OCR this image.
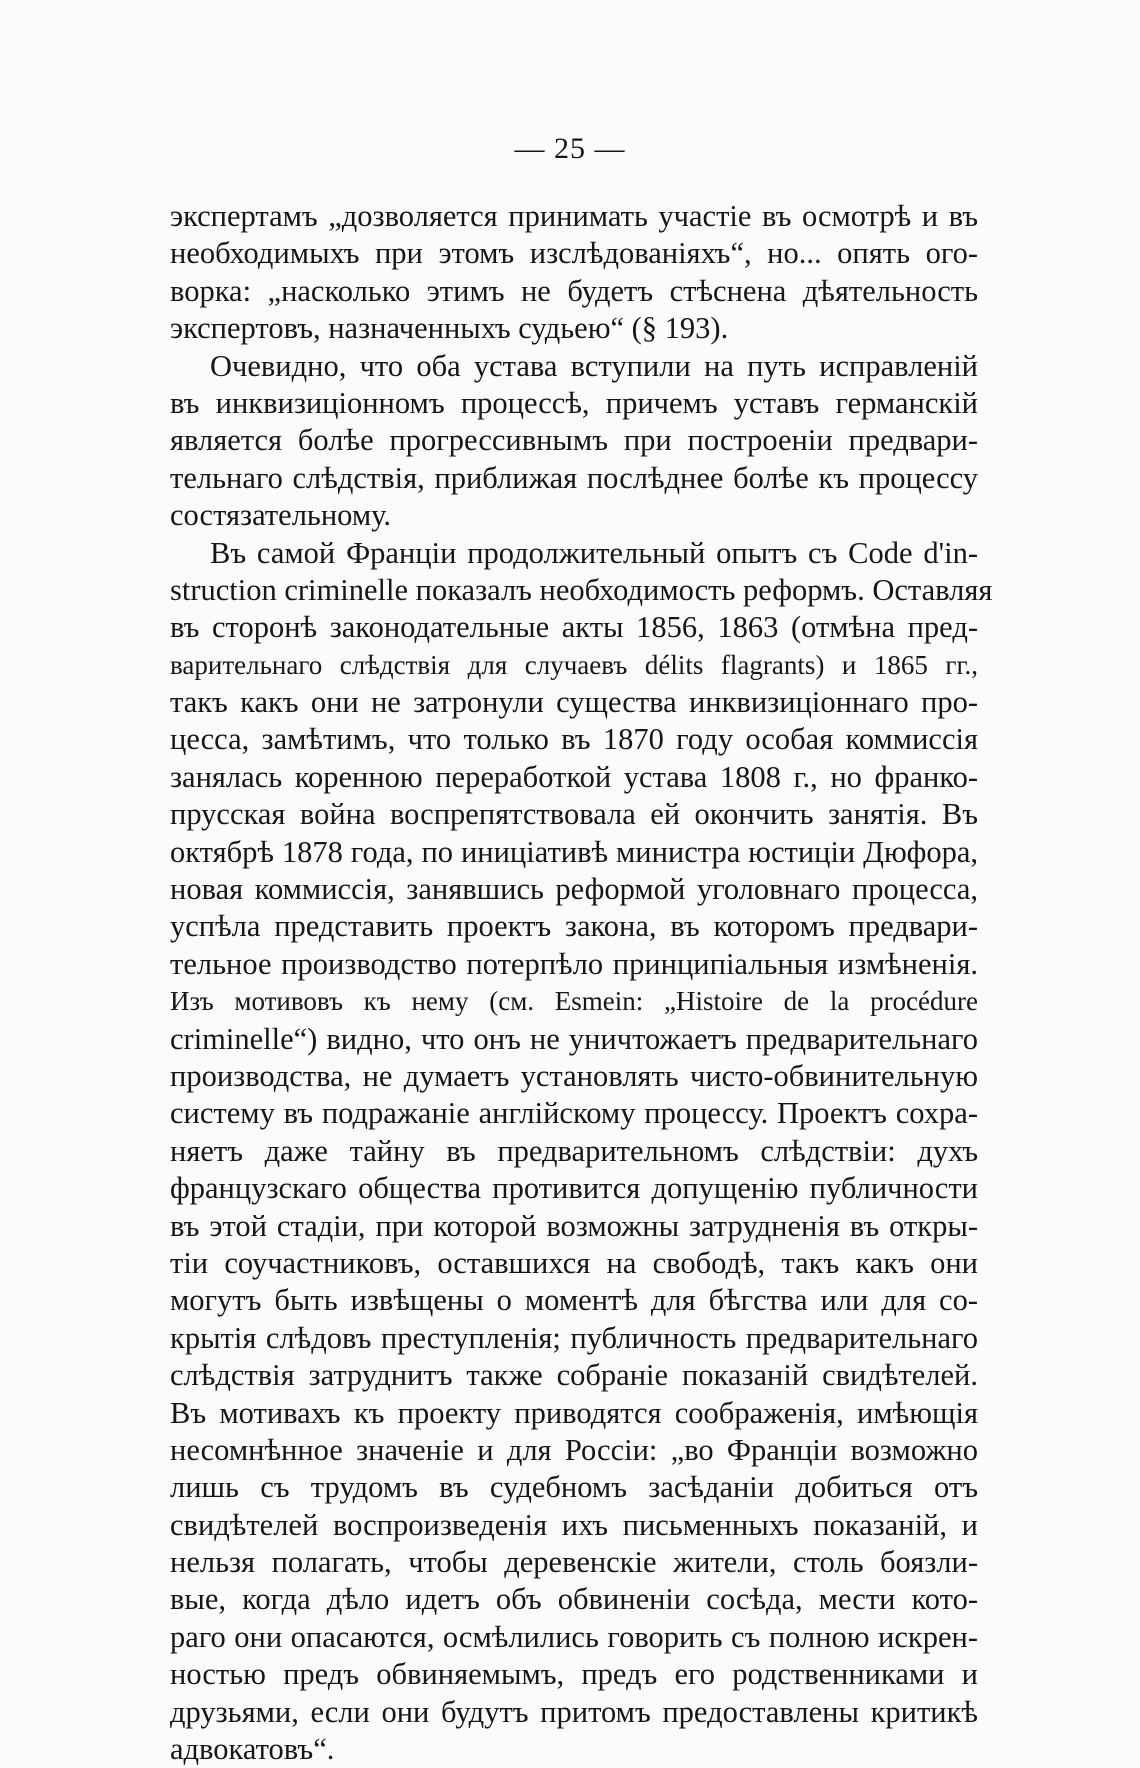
— 25 —
экспертамъ „дозволяется принимать участіе въ осмотрѣ и въ
необходимыхъ при этомъ изслѣдованіяхъ“, но... опять ого-
ворка: „насколько этимъ не будетъ стѣснена дѣятельность
экспертовъ, назначенныхъ судьею“ (§ 193).
Очевидно, что оба устава вступили на путь исправленій
въ инквизиціонномъ процессѣ, причемъ уставъ германскій
является болѣе прогрессивнымъ при построеніи предвари-
тельнаго слѣдствія, приближая послѣднее болѣе къ процессу
состязательному.
Въ самой Франціи продолжительный опытъ съ Code d'in-
struction criminelle показалъ необходимость реформъ. Оставляя
въ сторонѣ законодательные акты 1856, 1863 (отмѣна пред-
варительнаго слѣдствія для случаевъ délits flagrants) и 1865 гг.,
такъ какъ они не затронули существа инквизиціоннаго про-
цесса, замѣтимъ, что только въ 1870 году особая коммиссія
занялась коренною переработкой устава 1808 г., но франко-
прусская война воспрепятствовала ей окончить занятія. Въ
октябрѣ 1878 года, по иниціативѣ министра юстиціи Дюфора,
новая коммиссія, занявшись реформой уголовнаго процесса,
успѣла представить проектъ закона, въ которомъ предвари-
тельное производство потерпѣло принципіальныя измѣненія.
Изъ мотивовъ къ нему (см. Esmein: „Histoire de la procédure
criminelle“) видно, что онъ не уничтожаетъ предварительнаго
производства, не думаетъ установлять чисто-обвинительную
систему въ подражаніе англійскому процессу. Проектъ сохра-
няетъ даже тайну въ предварительномъ слѣдствіи: духъ
французскаго общества противится допущенію публичности
въ этой стадіи, при которой возможны затрудненія въ откры-
тіи соучастниковъ, оставшихся на свободѣ, такъ какъ они
могутъ быть извѣщены о моментѣ для бѣгства или для со-
крытія слѣдовъ преступленія; публичность предварительнаго
слѣдствія затруднитъ также собраніе показаній свидѣтелей.
Въ мотивахъ къ проекту приводятся соображенія, имѣющія
несомнѣнное значеніе и для Россіи: „во Франціи возможно
лишь съ трудомъ въ судебномъ засѣданіи добиться отъ
свидѣтелей воспроизведенія ихъ письменныхъ показаній, и
нельзя полагать, чтобы деревенскіе жители, столь боязли-
вые, когда дѣло идетъ объ обвиненіи сосѣда, мести кото-
раго они опасаются, осмѣлились говорить съ полною искрен-
ностью предъ обвиняемымъ, предъ его родственниками и
друзьями, если они будутъ притомъ предоставлены критикѣ
адвокатовъ“.
